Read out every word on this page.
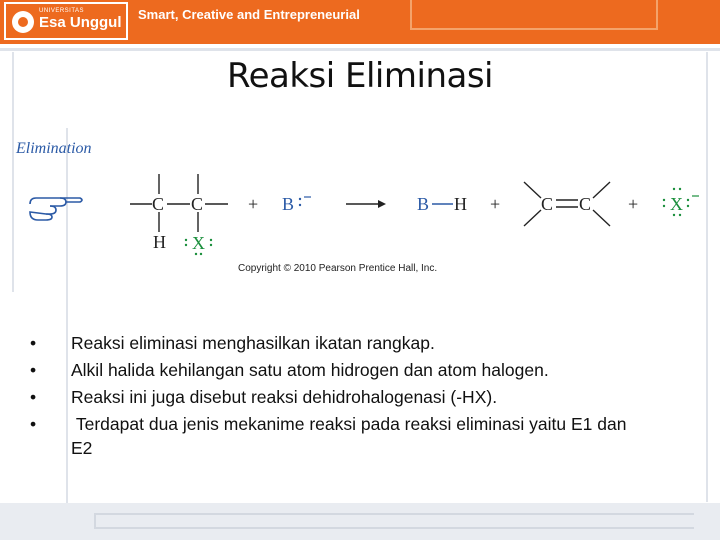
UNIVERSITAS
Esa Unggul Smart, Creative and Entrepreneurial
Reaksi Eliminasi
Elimination
C C
H X
+ B	B H + C C + X
Copyright © 2010 Pearson Prentice Hall, Inc.
• Reaksi eliminasi menghasilkan ikatan rangkap.
• Alkil halida kehilangan satu atom hidrogen dan atom halogen.
• Reaksi ini juga disebut reaksi dehidrohalogenasi (-HX).
•  Terdapat dua jenis mekanime reaksi pada reaksi eliminasi yaitu E1 dan E2
